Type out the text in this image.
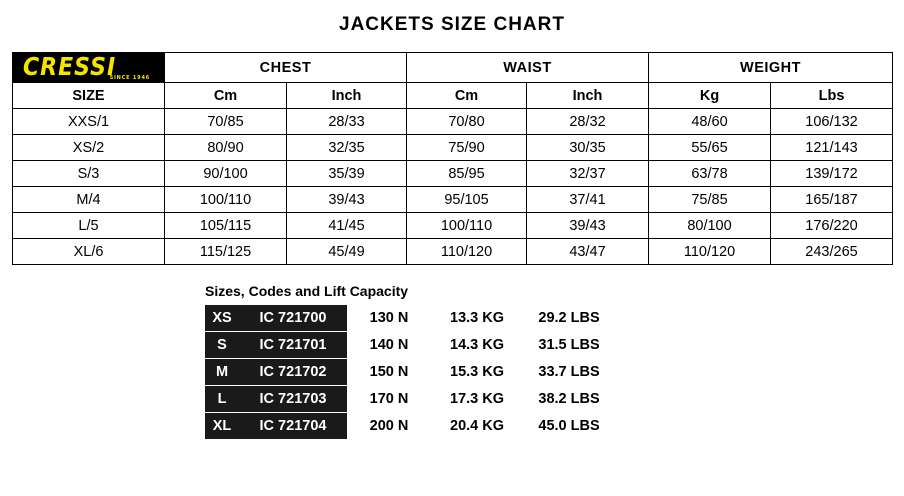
JACKETS SIZE CHART
CRESSI
SINCE 1946	CHEST		WAIST		WEIGHT	
SIZE	Cm	Inch	Cm	Inch	Kg	Lbs
XXS/1	70/85	28/33	70/80	28/32	48/60	106/132
XS/2	80/90	32/35	75/90	30/35	55/65	121/143
S/3	90/100	35/39	85/95	32/37	63/78	139/172
M/4	100/110	39/43	95/105	37/41	75/85	165/187
L/5	105/115	41/45	100/110	39/43	80/100	176/220
XL/6	115/125	45/49	110/120	43/47	110/120	243/265
Sizes, Codes and Lift Capacity
XS	IC 721700	130 N	13.3 KG	29.2 LBS
S	IC 721701	140 N	14.3 KG	31.5 LBS
M	IC 721702	150 N	15.3 KG	33.7 LBS
L	IC 721703	170 N	17.3 KG	38.2 LBS
XL	IC 721704	200 N	20.4 KG	45.0 LBS
